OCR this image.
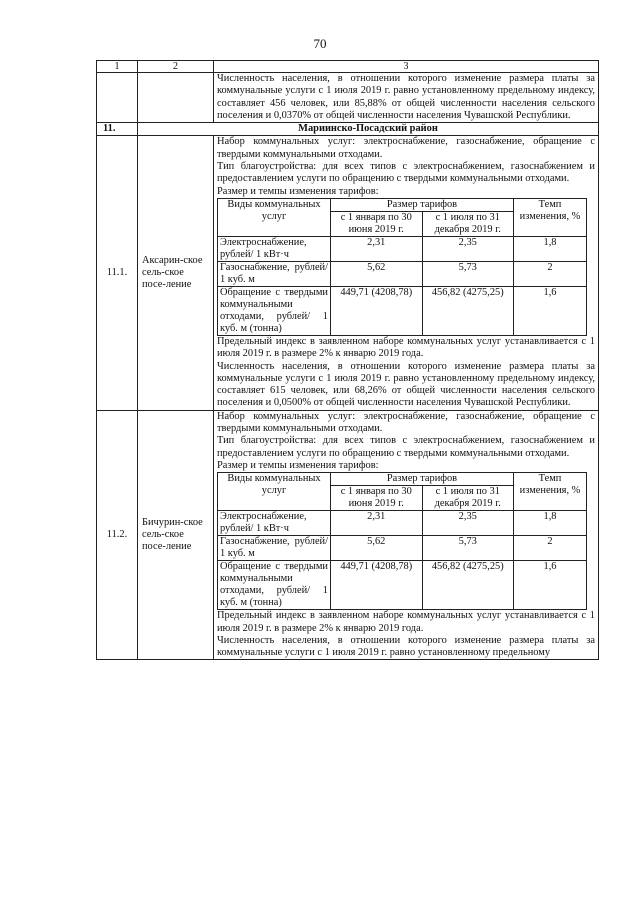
70
1	2	3
		Численность населения, в отношении которого изменение размера платы за коммунальные услуги с 1 июля 2019 г. равно установленному предельному индексу, составляет 456 человек, или 85,88% от общей численности населения сельского поселения и 0,0370% от общей численности населения Чувашской Республики.
11.	Мариинско-Посадский район
11.1.	Аксарин-ское сель-ское посе-ление	

Набор коммунальных услуг: электроснабжение, газоснабжение, обращение с твердыми коммунальными отходами.

Тип благоустройства: для всех типов с электроснабжением, газоснабжением и предоставлением услуги по обращению с твердыми коммунальными отходами.

Размер и темпы изменения тарифов:

Виды коммунальных услуг	Размер тарифов	Темп изменения, %
с 1 января по 30 июня 2019 г.	с 1 июля по 31 декабря 2019 г.
Электроснабжение, рублей/ 1 кВт·ч	2,31	2,35	1,8
Газоснабжение, рублей/ 1 куб. м	5,62	5,73	2
Обращение с твердыми коммунальными отходами, рублей/ 1 куб. м (тонна)	449,71 (4208,78)	456,82 (4275,25)	1,6

Предельный индекс в заявленном наборе коммунальных услуг устанавливается с 1 июля 2019 г. в размере 2% к январю 2019 года.

Численность населения, в отношении которого изменение размера платы за коммунальные услуги с 1 июля 2019 г. равно установленному предельному индексу, составляет 615 человек, или 68,26% от общей численности населения сельского поселения и 0,0500% от общей численности населения Чувашской Республики.

11.2.	Бичурин-ское сель-ское посе-ление	

Набор коммунальных услуг: электроснабжение, газоснабжение, обращение с твердыми коммунальными отходами.

Тип благоустройства: для всех типов с электроснабжением, газоснабжением и предоставлением услуги по обращению с твердыми коммунальными отходами.

Размер и темпы изменения тарифов:

Виды коммунальных услуг	Размер тарифов	Темп изменения, %
с 1 января по 30 июня 2019 г.	с 1 июля по 31 декабря 2019 г.
Электроснабжение, рублей/ 1 кВт·ч	2,31	2,35	1,8
Газоснабжение, рублей/ 1 куб. м	5,62	5,73	2
Обращение с твердыми коммунальными отходами, рублей/ 1 куб. м (тонна)	449,71 (4208,78)	456,82 (4275,25)	1,6

Предельный индекс в заявленном наборе коммунальных услуг устанавливается с 1 июля 2019 г. в размере 2% к январю 2019 года.

Численность населения, в отношении которого изменение размера платы за коммунальные услуги с 1 июля 2019 г. равно установленному предельному
